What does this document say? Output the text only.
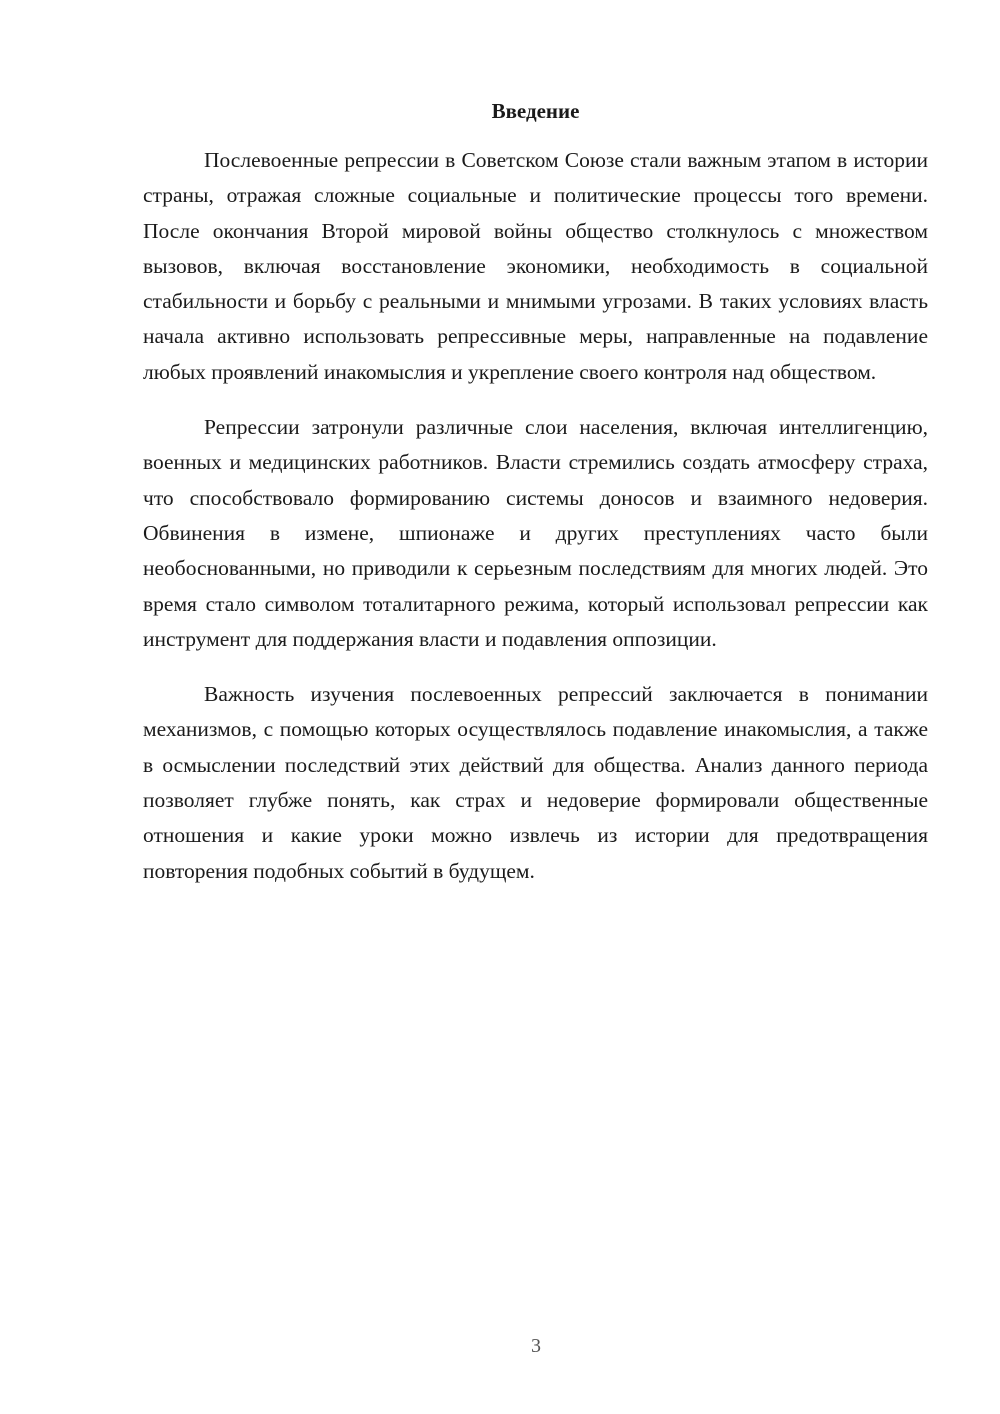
Введение

Послевоенные репрессии в Советском Союзе стали важным этапом в истории страны, отражая сложные социальные и политические процессы того времени. После окончания Второй мировой войны общество столкнулось с множеством вызовов, включая восстановление экономики, необходимость в социальной стабильности и борьбу с реальными и мнимыми угрозами. В таких условиях власть начала активно использовать репрессивные меры, направленные на подавление любых проявлений инакомыслия и укрепление своего контроля над обществом.

Репрессии затронули различные слои населения, включая интеллигенцию, военных и медицинских работников. Власти стремились создать атмосферу страха, что способствовало формированию системы доносов и взаимного недоверия. Обвинения в измене, шпионаже и других преступлениях часто были необоснованными, но приводили к серьезным последствиям для многих людей. Это время стало символом тоталитарного режима, который использовал репрессии как инструмент для поддержания власти и подавления оппозиции.

Важность изучения послевоенных репрессий заключается в понимании механизмов, с помощью которых осуществлялось подавление инакомыслия, а также в осмыслении последствий этих действий для общества. Анализ данного периода позволяет глубже понять, как страх и недоверие формировали общественные отношения и какие уроки можно извлечь из истории для предотвращения повторения подобных событий в будущем.

3
